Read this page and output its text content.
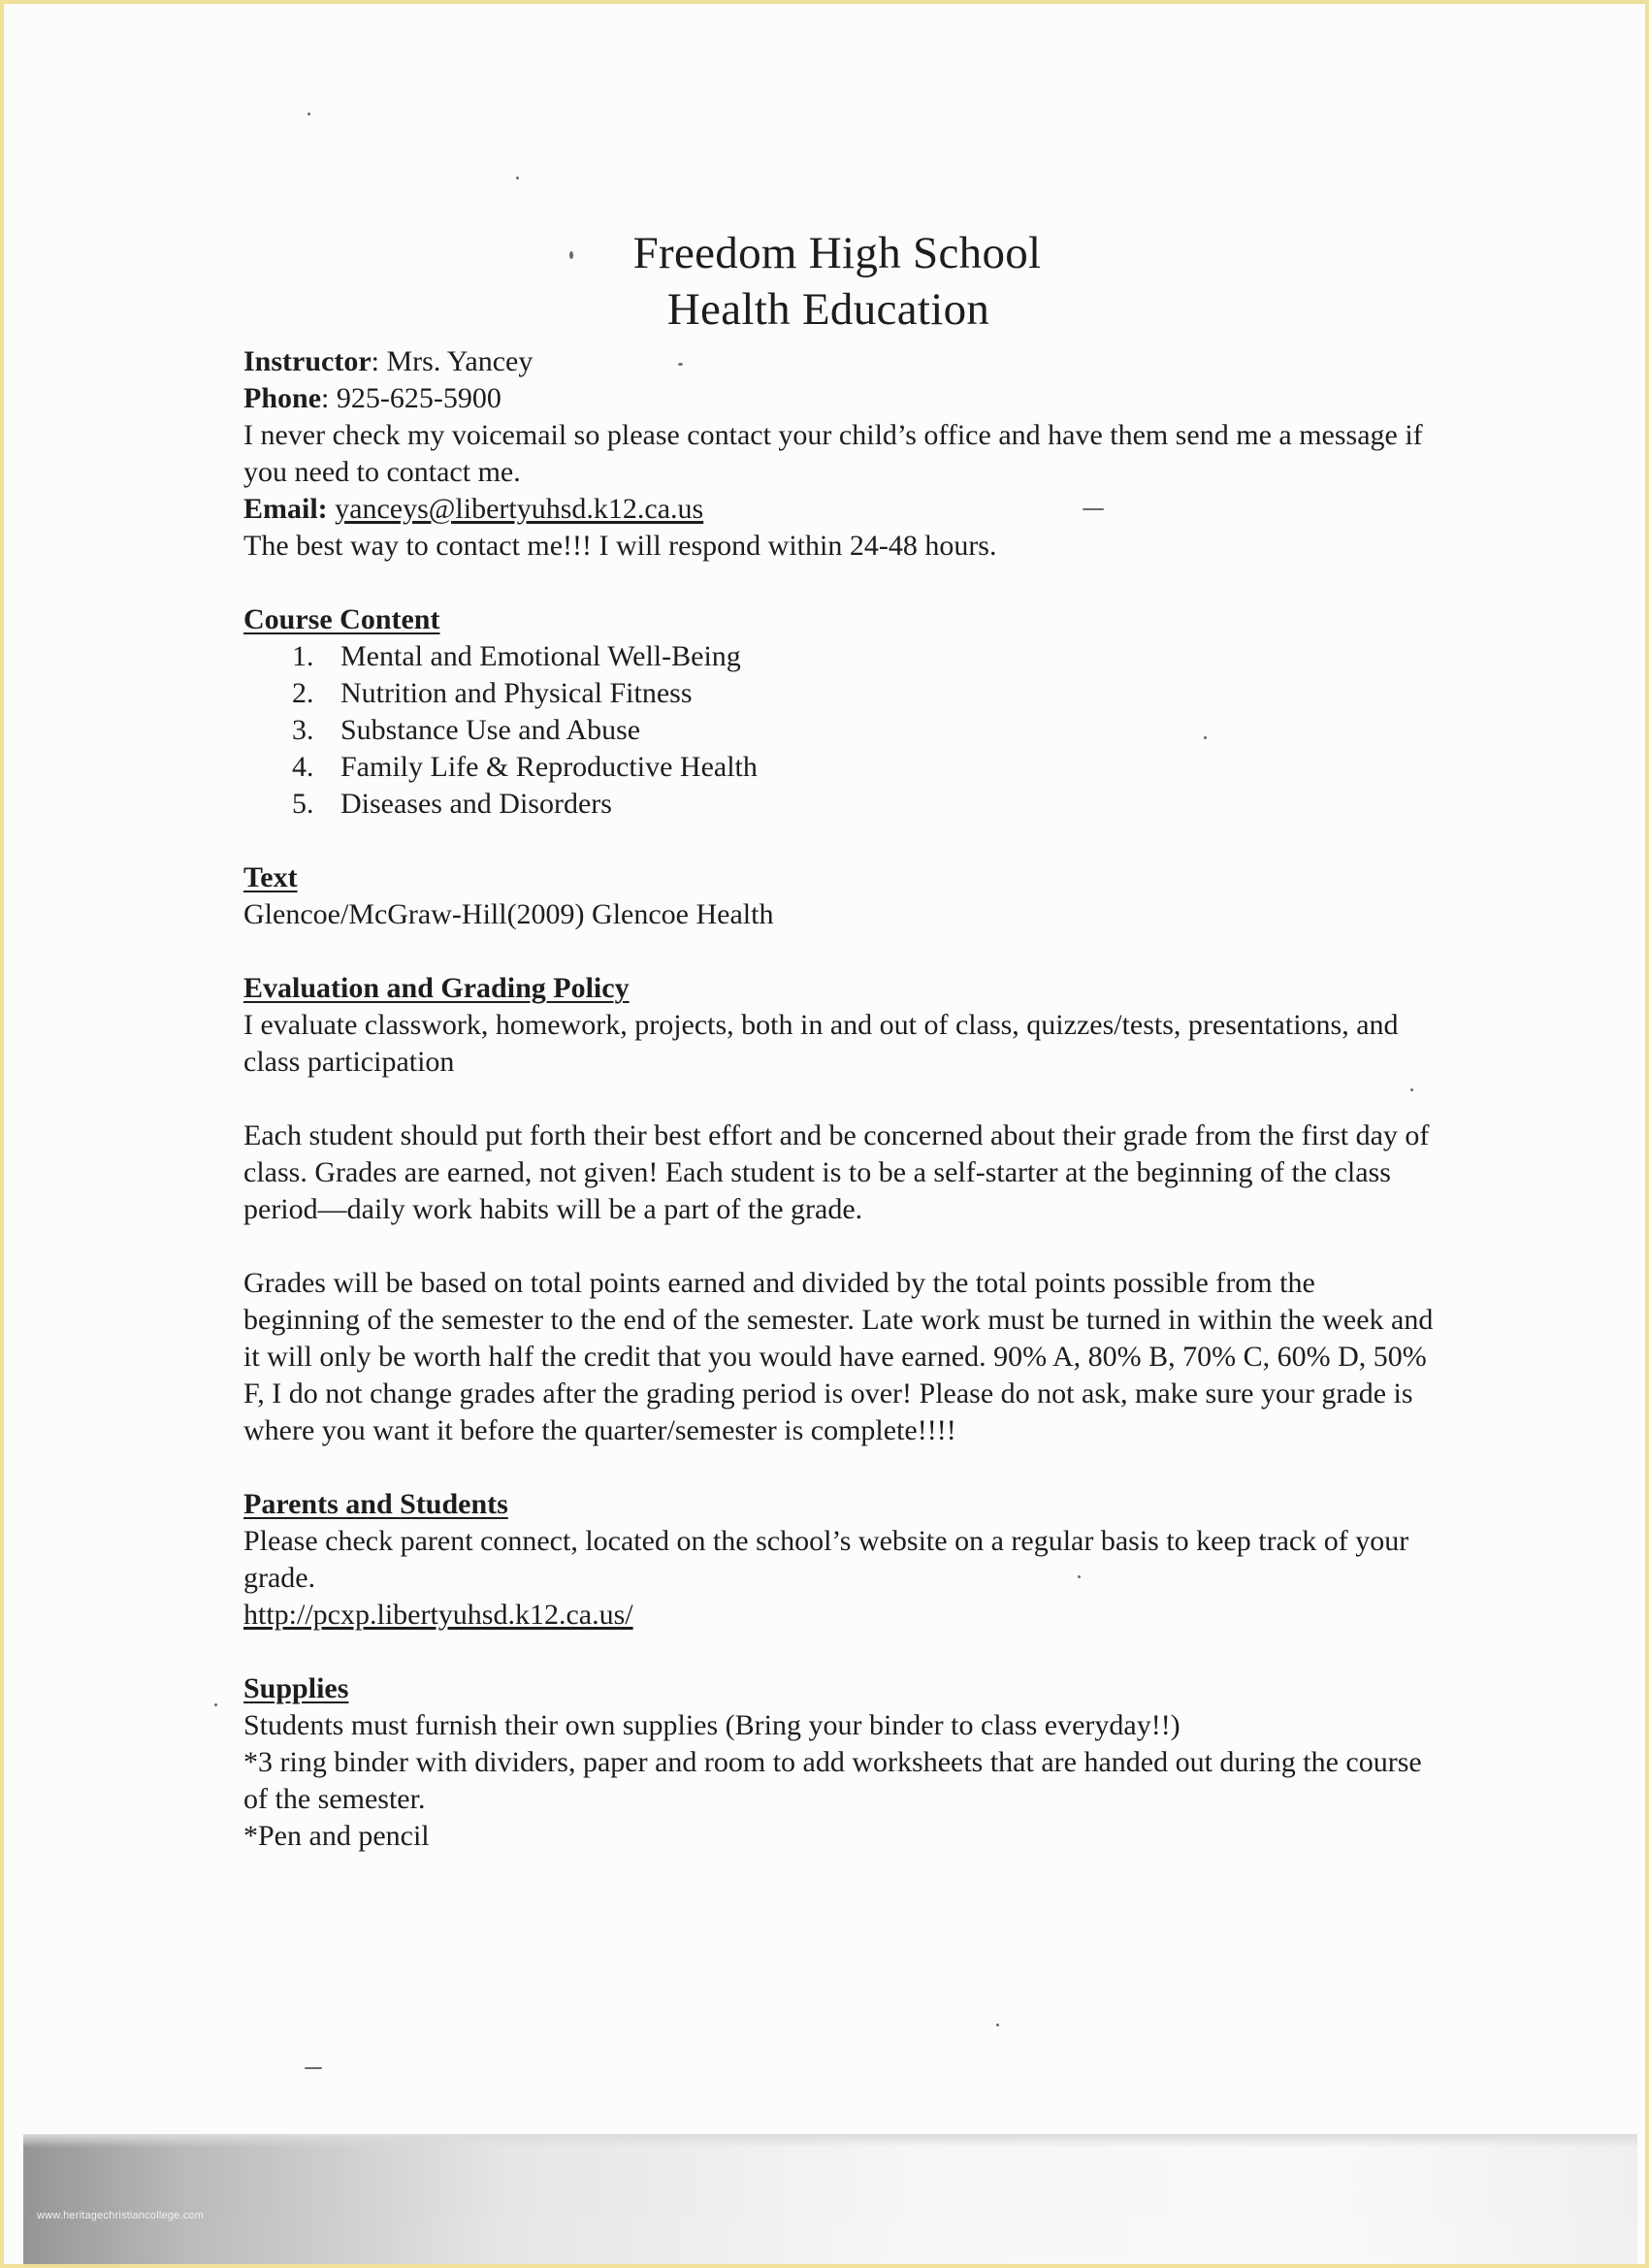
Freedom High School
Health Education

Instructor: Mrs. Yancey

Phone: 925-625-5900

I never check my voicemail so please contact your child’s office and have them send me a message if you need to contact me.

Email: yanceys@libertyuhsd.k12.ca.us

The best way to contact me!!! I will respond within 24-48 hours.

Course Content

1. Mental and Emotional Well-Being
2. Nutrition and Physical Fitness
3. Substance Use and Abuse
4. Family Life & Reproductive Health
5. Diseases and Disorders

Text

Glencoe/McGraw-Hill(2009) Glencoe Health

Evaluation and Grading Policy

I evaluate classwork, homework, projects, both in and out of class, quizzes/tests, presentations, and class participation

Each student should put forth their best effort and be concerned about their grade from the first day of class. Grades are earned, not given! Each student is to be a self-starter at the beginning of the class period—daily work habits will be a part of the grade.

Grades will be based on total points earned and divided by the total points possible from the beginning of the semester to the end of the semester. Late work must be turned in within the week and it will only be worth half the credit that you would have earned. 90% A, 80% B, 70% C, 60% D, 50% F, I do not change grades after the grading period is over! Please do not ask, make sure your grade is where you want it before the quarter/semester is complete!!!!

Parents and Students

Please check parent connect, located on the school’s website on a regular basis to keep track of your grade.

http://pcxp.libertyuhsd.k12.ca.us/

Supplies

Students must furnish their own supplies (Bring your binder to class everyday!!)

*3 ring binder with dividers, paper and room to add worksheets that are handed out during the course of the semester.

*Pen and pencil

www.heritagechristiancollege.com
